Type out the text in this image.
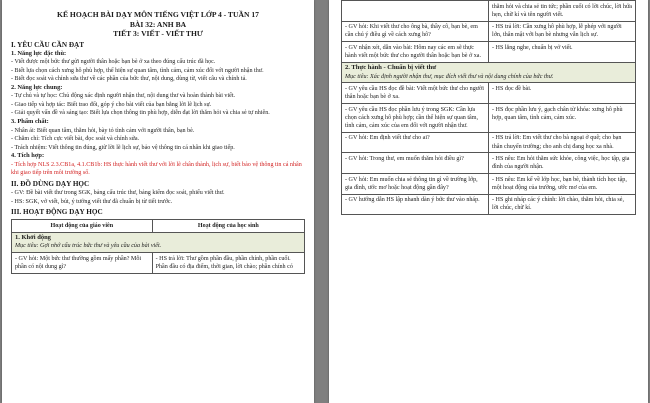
KẾ HOẠCH BÀI DẠY MÔN TIẾNG VIỆT LỚP 4 - TUẦN 17
BÀI 32: ANH BA
TIẾT 3: VIẾT - VIẾT THƯ
I. YÊU CẦU CẦN ĐẠT
1. Năng lực đặc thù:
- Viết được một bức thư gửi người thân hoặc bạn bè ở xa theo đúng cấu trúc đã học.
- Biết lựa chọn cách xưng hô phù hợp, thể hiện sự quan tâm, tình cảm, cảm xúc đối với người nhận thư.
- Biết đọc soát và chỉnh sửa thư về các phần của bức thư, nội dung, dùng từ, viết câu và chính tả.
2. Năng lực chung:
- Tự chủ và tự học: Chủ động xác định người nhận thư, nội dung thư và hoàn thành bài viết.
- Giao tiếp và hợp tác: Biết trao đổi, góp ý cho bài viết của bạn bằng lời lẽ lịch sự.
- Giải quyết vấn đề và sáng tạo: Biết lựa chọn thông tin phù hợp, diễn đạt lời thăm hỏi và chia sẻ tự nhiên.
3. Phẩm chất:
- Nhân ái: Biết quan tâm, thăm hỏi, bày tỏ tình cảm với người thân, bạn bè.
- Chăm chỉ: Tích cực viết bài, đọc soát và chỉnh sửa.
- Trách nhiệm: Viết thông tin đúng, giữ lời lẽ lịch sự, bảo vệ thông tin cá nhân khi giao tiếp.
4. Tích hợp:
- Tích hợp NLS 2.3.CB1a, 4.1.CB1b: HS thực hành viết thư với lời lẽ chân thành, lịch sự, biết bảo vệ thông tin cá nhân khi giao tiếp trên môi trường số.
II. ĐỒ DÙNG DẠY HỌC
- GV: Đề bài viết thư trong SGK, bảng cấu trúc thư, bảng kiểm đọc soát, phiếu viết thư.
- HS: SGK, vở viết, bút, ý tưởng viết thư đã chuẩn bị từ tiết trước.
III. HOẠT ĐỘNG DẠY HỌC
Hoạt động của giáo viên	Hoạt động của học sinh

1. Khởi động
Mục tiêu: Gợi nhớ cấu trúc bức thư và yêu cầu của bài viết.	

- GV hỏi: Một bức thư thường gồm mấy phần? Mỗi phần có nội dung gì?	- HS trả lời: Thư gồm phần đầu, phần chính, phần cuối. Phần đầu có địa điểm, thời gian, lời chào; phần chính có
	thăm hỏi và chia sẻ tin tức; phần cuối có lời chúc, lời hứa hẹn, chữ kí và tên người viết.
- GV hỏi: Khi viết thư cho ông bà, thầy cô, bạn bè, em cần chú ý điều gì về cách xưng hô?	- HS trả lời: Cần xưng hô phù hợp, lễ phép với người lớn, thân mật với bạn bè nhưng vẫn lịch sự.
- GV nhận xét, dẫn vào bài: Hôm nay các em sẽ thực hành viết một bức thư cho người thân hoặc bạn bè ở xa.	- HS lắng nghe, chuẩn bị vở viết.

2. Thực hành - Chuẩn bị viết thư
Mục tiêu: Xác định người nhận thư, mục đích viết thư và nội dung chính của bức thư.	

- GV yêu cầu HS đọc đề bài: Viết một bức thư cho người thân hoặc bạn bè ở xa.	- HS đọc đề bài.
- GV yêu cầu HS đọc phần lưu ý trong SGK: Cần lựa chọn cách xưng hô phù hợp; cần thể hiện sự quan tâm, tình cảm, cảm xúc của em đối với người nhận thư.	- HS đọc phần lưu ý, gạch chân từ khóa: xưng hô phù hợp, quan tâm, tình cảm, cảm xúc.
- GV hỏi: Em định viết thư cho ai?	- HS trả lời: Em viết thư cho bà ngoại ở quê; cho bạn thân chuyển trường; cho anh chị đang học xa nhà.
- GV hỏi: Trong thư, em muốn thăm hỏi điều gì?	- HS nêu: Em hỏi thăm sức khỏe, công việc, học tập, gia đình của người nhận.
- GV hỏi: Em muốn chia sẻ thông tin gì về trường lớp, gia đình, ước mơ hoặc hoạt động gần đây?	- HS nêu: Em kể về lớp học, bạn bè, thành tích học tập, một hoạt động của trường, ước mơ của em.
- GV hướng dẫn HS lập nhanh dàn ý bức thư vào nháp.	- HS ghi nháp các ý chính: lời chào, thăm hỏi, chia sẻ, lời chúc, chữ kí.
